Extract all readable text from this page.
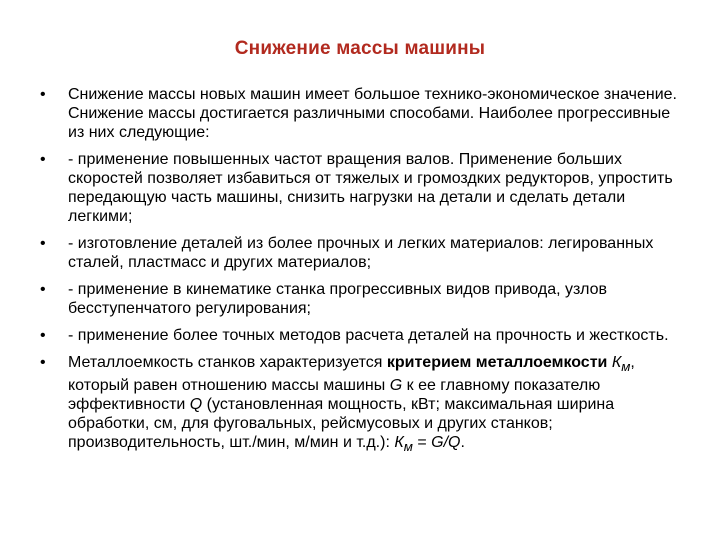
Снижение массы машины
• Снижение массы новых машин имеет большое технико-экономическое значение. Снижение массы достигается различными способами. Наиболее прогрессивные из них следующие:
• - применение повышенных частот вращения валов. Применение больших скоростей позволяет избавиться от тяжелых и громоздких редукторов, упростить передающую часть машины, снизить нагрузки на детали и сделать детали легкими;
• - изготовление деталей из более прочных и легких материалов: легированных сталей, пластмасс и других материалов;
• - применение в кинематике станка прогрессивных видов привода, узлов бесступенчатого регулирования;
• - применение более точных методов расчета деталей на прочность и жесткость.
• Металлоемкость станков характеризуется критерием металлоемкости $К_м$, который равен отношению массы машины G к ее главному показателю эффективности Q (установленная мощность, кВт; максимальная ширина обработки, см, для фуговальных, рейсмусовых и других станков; производительность, шт./мин, м/мин и т.д.): $К_м = G/Q$.
